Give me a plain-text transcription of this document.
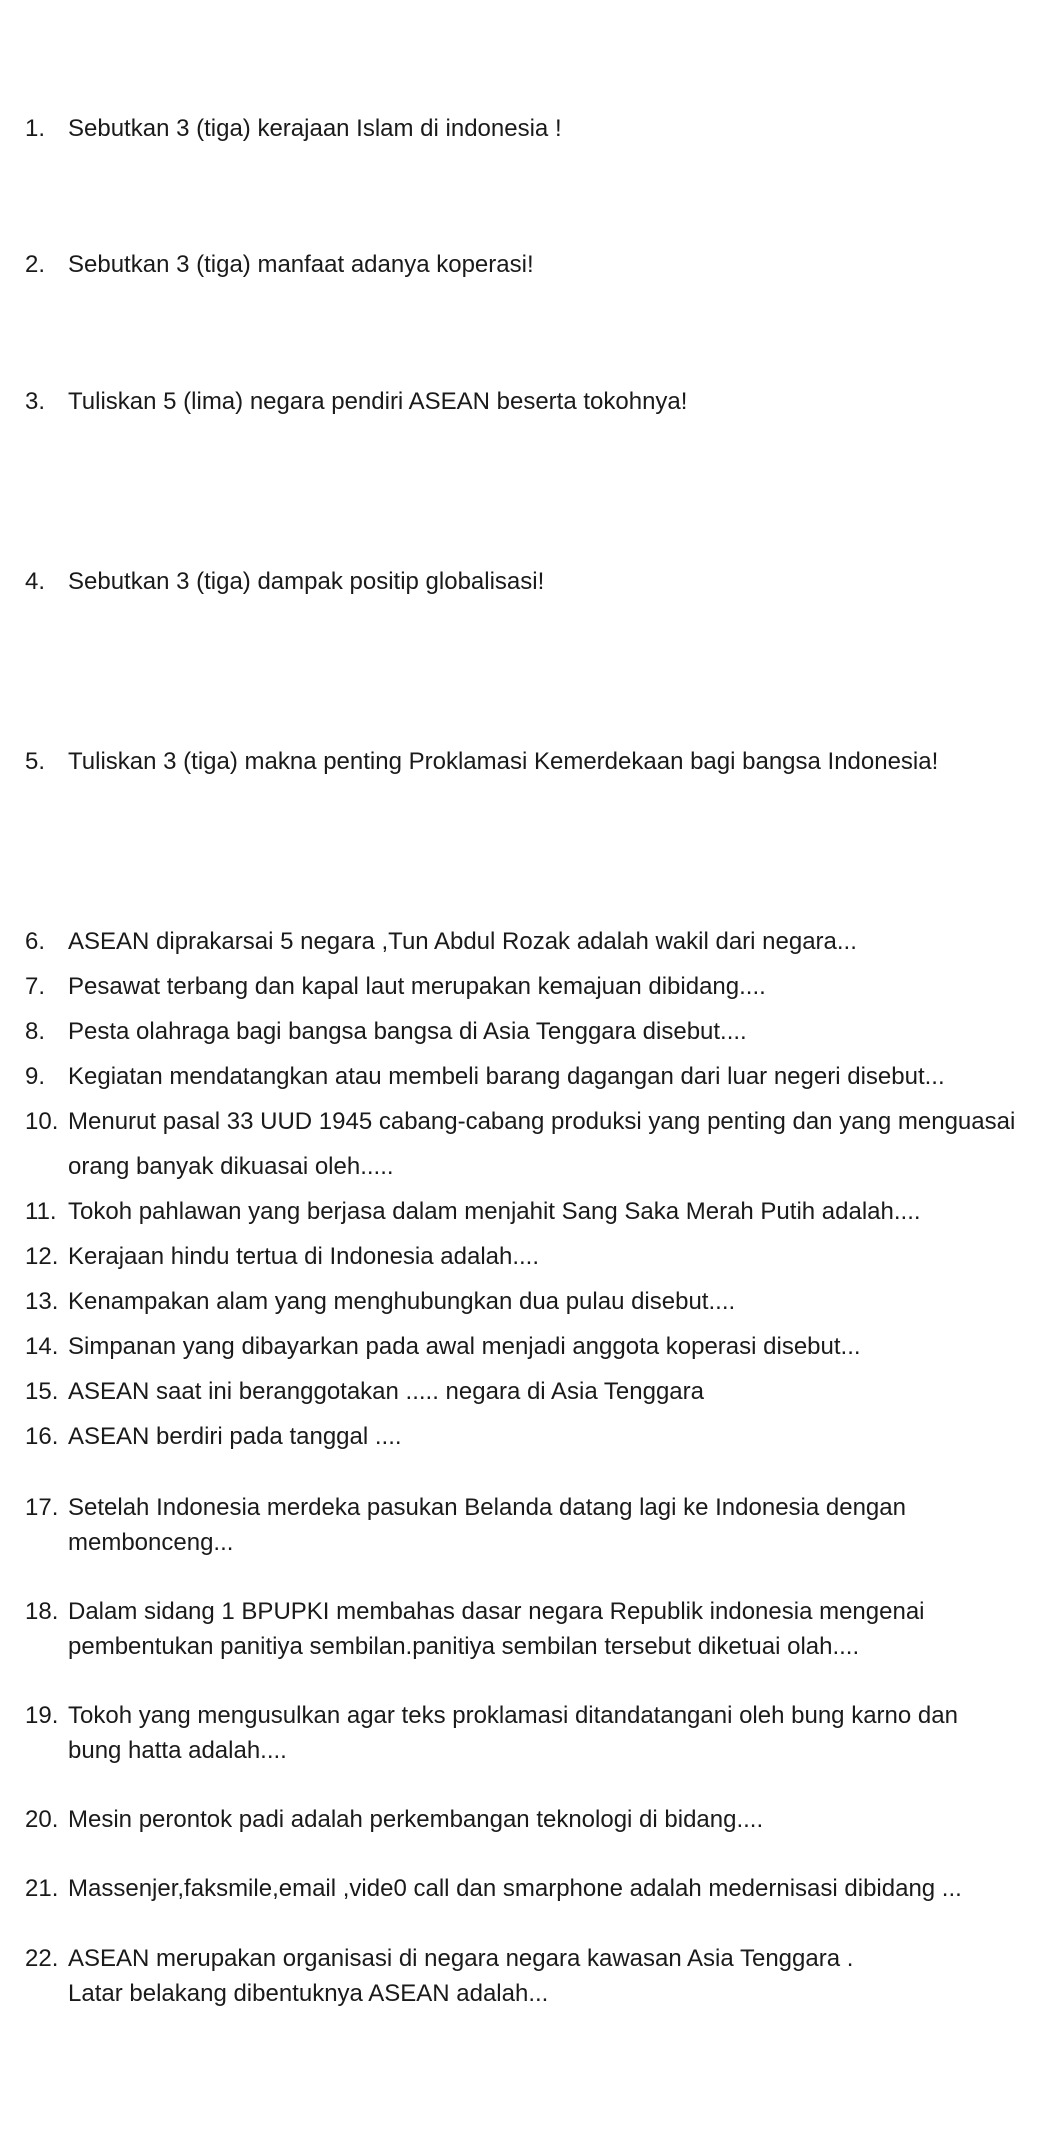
1. Sebutkan 3 (tiga) kerajaan Islam di indonesia !
2. Sebutkan 3 (tiga) manfaat adanya koperasi!
3. Tuliskan 5 (lima) negara pendiri ASEAN beserta tokohnya!
4. Sebutkan 3 (tiga) dampak positip globalisasi!
5. Tuliskan 3 (tiga) makna penting Proklamasi Kemerdekaan bagi bangsa Indonesia!
6. ASEAN diprakarsai 5 negara ,Tun Abdul Rozak adalah wakil dari negara...
7. Pesawat terbang dan kapal laut merupakan kemajuan dibidang....
8. Pesta olahraga bagi bangsa bangsa di Asia Tenggara disebut....
9. Kegiatan mendatangkan atau membeli barang dagangan dari luar negeri disebut...
10. Menurut pasal 33 UUD 1945 cabang-cabang produksi yang penting dan yang menguasai
orang banyak dikuasai oleh.....
11. Tokoh pahlawan yang berjasa dalam menjahit Sang Saka Merah Putih adalah....
12. Kerajaan hindu tertua di Indonesia adalah....
13. Kenampakan alam yang menghubungkan dua pulau disebut....
14. Simpanan yang dibayarkan pada awal menjadi anggota koperasi disebut...
15. ASEAN saat ini beranggotakan ..... negara di Asia Tenggara
16. ASEAN berdiri pada tanggal ....
17. Setelah Indonesia merdeka pasukan Belanda datang lagi ke Indonesia dengan
membonceng...
18. Dalam sidang 1 BPUPKI membahas dasar negara Republik indonesia mengenai
pembentukan panitiya sembilan.panitiya sembilan tersebut diketuai olah....
19. Tokoh yang mengusulkan agar teks proklamasi ditandatangani oleh bung karno dan
bung hatta adalah....
20. Mesin perontok padi adalah perkembangan teknologi di bidang....
21. Massenjer,faksmile,email ,vide0 call dan smarphone adalah medernisasi dibidang ...
22. ASEAN merupakan organisasi di negara negara kawasan Asia Tenggara .
Latar belakang dibentuknya ASEAN adalah...
